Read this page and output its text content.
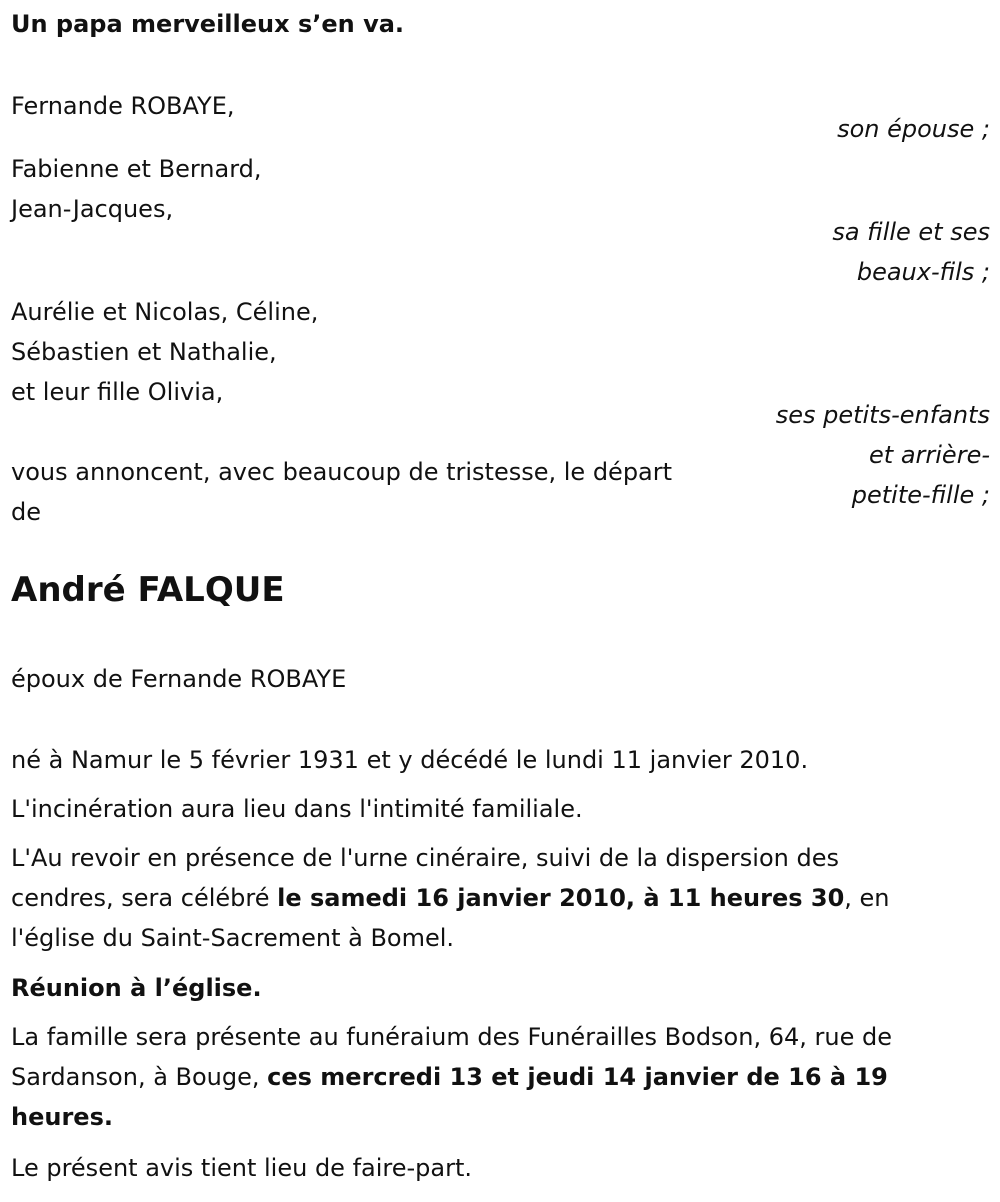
Un papa merveilleux s’en va.
Fernande ROBAYE,
son épouse ;
Fabienne et Bernard,
Jean-Jacques,
sa fille et ses
beaux-fils ;
Aurélie et Nicolas, Céline,
Sébastien et Nathalie,
et leur fille Olivia,
ses petits-enfants
et arrière-
petite-fille ;
vous annoncent, avec beaucoup de tristesse, le départ
de
André FALQUE
époux de Fernande ROBAYE
né à Namur le 5 février 1931 et y décédé le lundi 11 janvier 2010.
L'incinération aura lieu dans l'intimité familiale.
L'Au revoir en présence de l'urne cinéraire, suivi de la dispersion des
cendres, sera célébré le samedi 16 janvier 2010, à 11 heures 30, en
l'église du Saint-Sacrement à Bomel.
Réunion à l’église.
La famille sera présente au funéraium des Funérailles Bodson, 64, rue de
Sardanson, à Bouge, ces mercredi 13 et jeudi 14 janvier de 16 à 19
heures.
Le présent avis tient lieu de faire-part.
